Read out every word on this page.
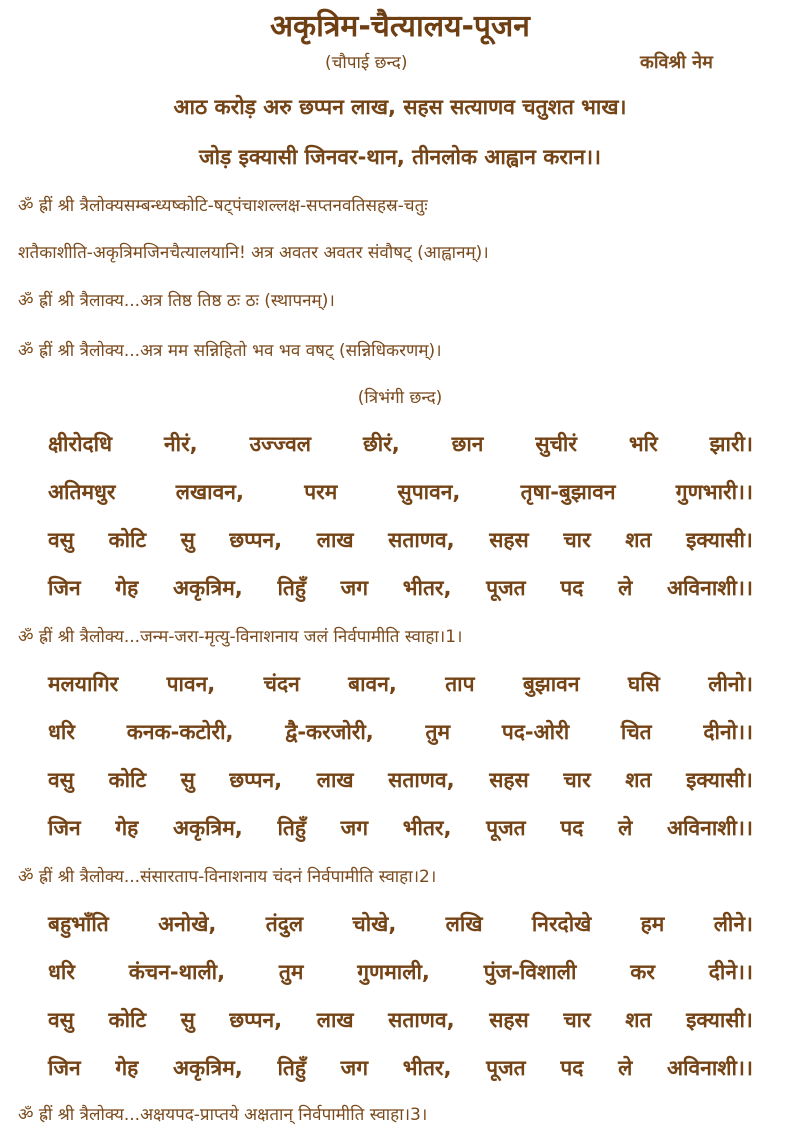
अकृत्रिम-चैत्यालय-पूजन
(चौपाई छन्द)	कविश्री नेम
आठ करोड़ अरु छप्पन लाख, सहस सत्याणव चतुशत भाख।
जोड़ इक्यासी जिनवर-थान, तीनलोक आह्वान करान।।
ॐ ह्रीं श्री त्रैलोक्यसम्बन्ध्यष्कोटि-षट्पंचाशल्लक्ष-सप्तनवतिसहस्र-चतुः
शतैकाशीति-अकृत्रिमजिनचैत्यालयानि! अत्र अवतर अवतर संवौषट् (आह्वानम्)।
ॐ ह्रीं श्री त्रैलाक्य...अत्र तिष्ठ तिष्ठ ठः ठः (स्थापनम्)।
ॐ ह्रीं श्री त्रैलोक्य...अत्र मम सन्निहितो भव भव वषट् (सन्निधिकरणम्)।
(त्रिभंगी छन्द)
क्षीरोदधि नीरं, उज्ज्वल छीरं, छान सुचीरं भरि झारी।
अतिमधुर	लखावन,	परम	सुपावन,	तृषा-बुझावन	गुणभारी।।
वसु कोटि सु छप्पन, लाख सताणव, सहस चार शत इक्यासी।
जिन गेह अकृत्रिम, तिहुँ जग भीतर, पूजत पद ले अविनाशी।।
ॐ ह्रीं श्री त्रैलोक्य...जन्म-जरा-मृत्यु-विनाशनाय जलं निर्वपामीति स्वाहा।1।
मलयागिर पावन, चंदन बावन, ताप बुझावन घसि लीनो।
धरि कनक-कटोरी, द्वै-करजोरी, तुम पद-ओरी चित दीनो।।
वसु कोटि सु छप्पन, लाख सताणव, सहस चार शत इक्यासी।
जिन गेह अकृत्रिम, तिहुँ जग भीतर, पूजत पद ले अविनाशी।।
ॐ ह्रीं श्री त्रैलोक्य...संसारताप-विनाशनाय चंदनं निर्वपामीति स्वाहा।2।
बहुभाँति अनोखे, तंदुल चोखे, लखि निरदोखे हम लीने।
धरि	कंचन-थाली,	तुम	गुणमाली,	पुंज-विशाली	कर	दीने।।
वसु कोटि सु छप्पन, लाख सताणव, सहस चार शत इक्यासी।
जिन गेह अकृत्रिम, तिहुँ जग भीतर, पूजत पद ले अविनाशी।।
ॐ ह्रीं श्री त्रैलोक्य...अक्षयपद-प्राप्तये अक्षतान् निर्वपामीति स्वाहा।3।
